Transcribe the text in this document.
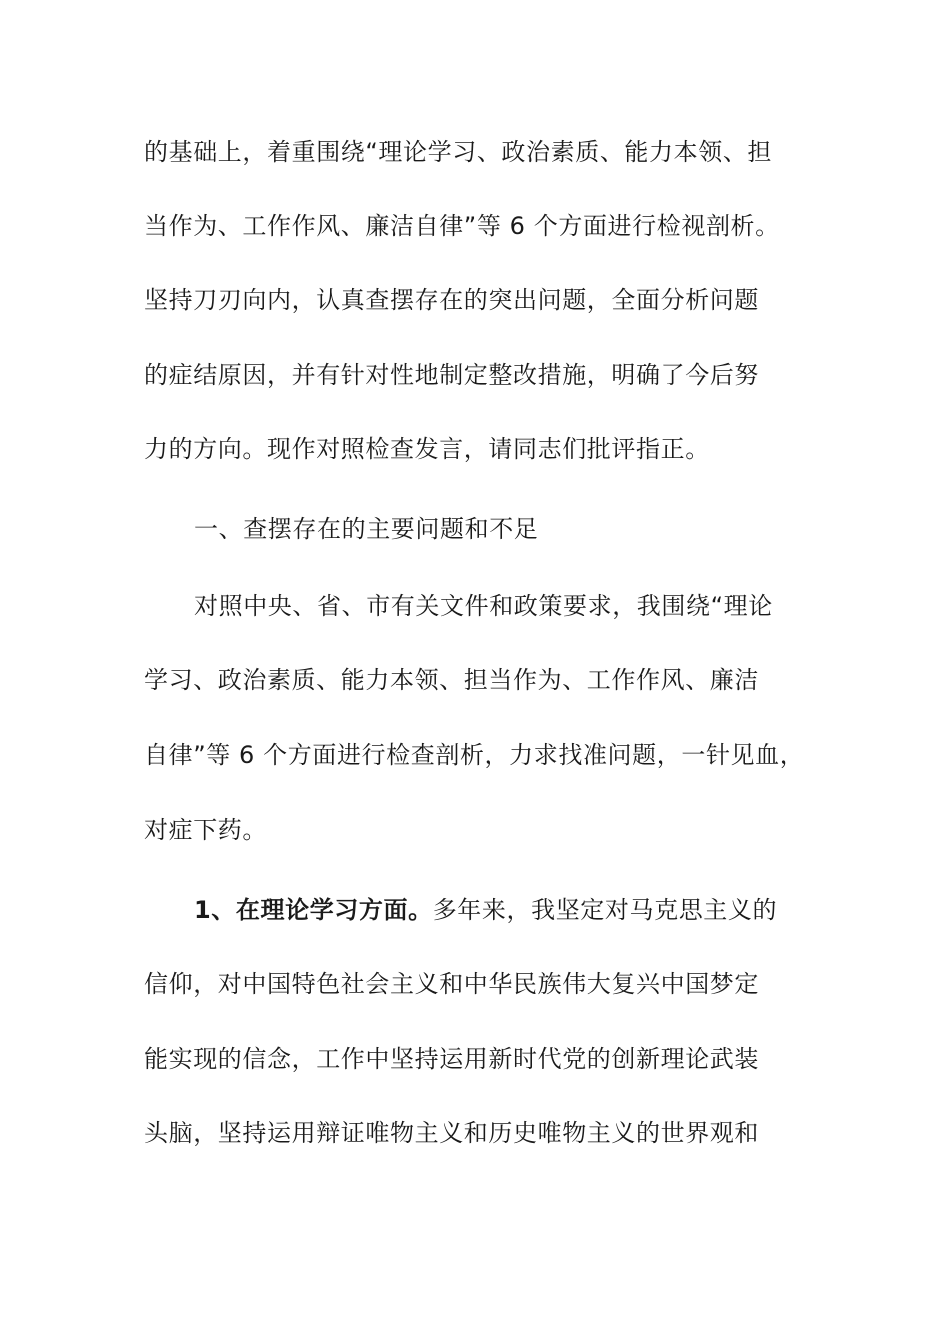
的基础上，着重围绕“理论学习、政治素质、能力本领、担
当作为、工作作风、廉洁自律”等 6 个方面进行检视剖析。
坚持刀刃向内，认真查摆存在的突出问题，全面分析问题
的症结原因，并有针对性地制定整改措施，明确了今后努
力的方向。现作对照检查发言，请同志们批评指正。
一、查摆存在的主要问题和不足
对照中央、省、市有关文件和政策要求，我围绕“理论
学习、政治素质、能力本领、担当作为、工作作风、廉洁
自律”等 6 个方面进行检查剖析，力求找准问题，一针见血，
对症下药。
1、在理论学习方面。多年来，我坚定对马克思主义的
信仰，对中国特色社会主义和中华民族伟大复兴中国梦定
能实现的信念，工作中坚持运用新时代党的创新理论武装
头脑，坚持运用辩证唯物主义和历史唯物主义的世界观和
